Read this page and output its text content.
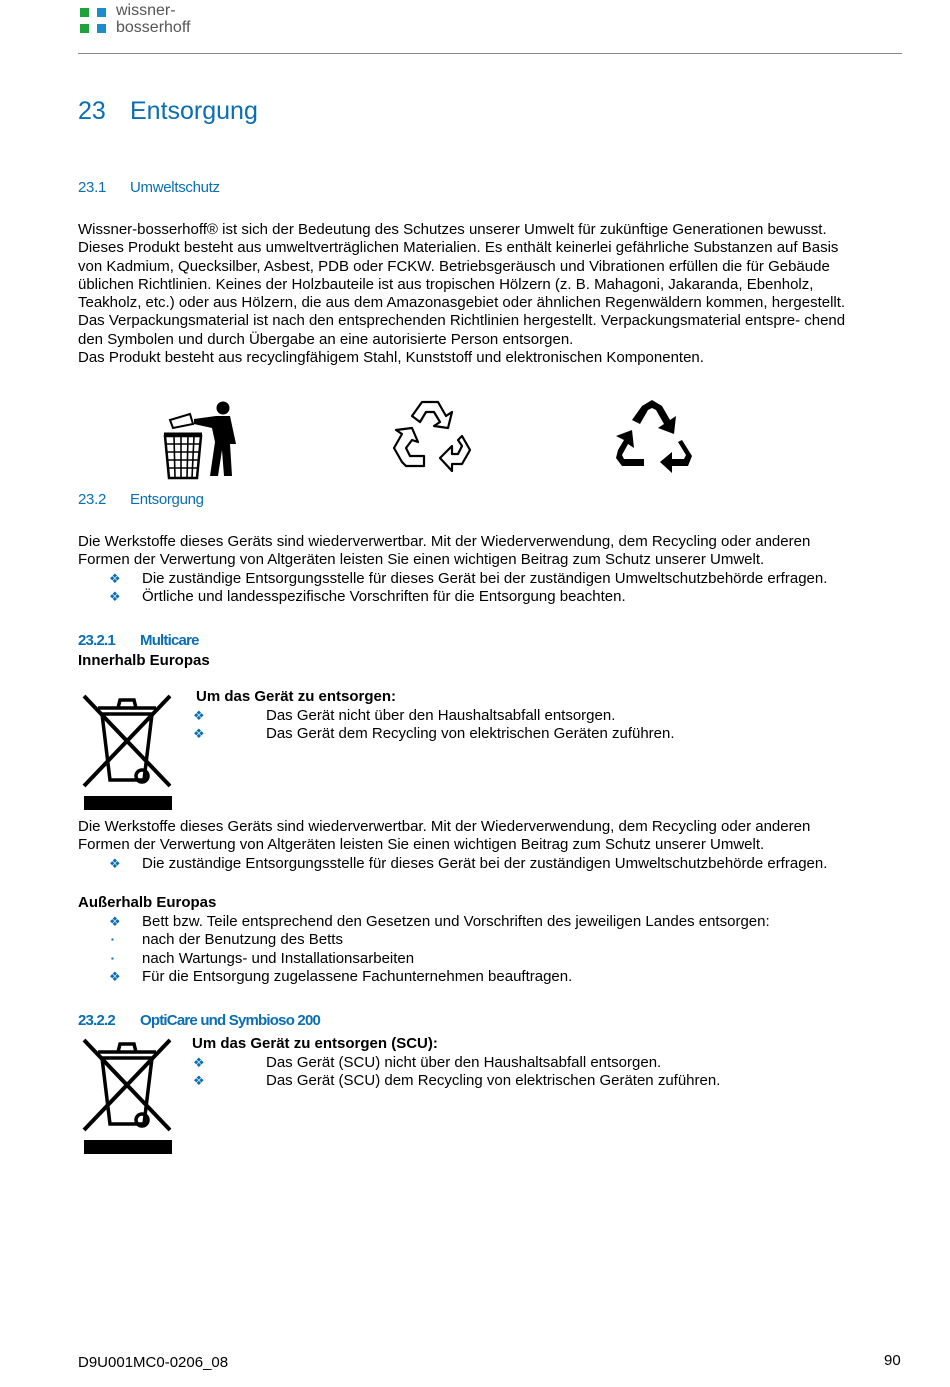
wissner-
bosserhoff
23 Entsorgung
23.1 Umweltschutz
Wissner-bosserhoff® ist sich der Bedeutung des Schutzes unserer Umwelt für zukünftige Generationen bewusst.
Dieses Produkt besteht aus umweltverträglichen Materialien. Es enthält keinerlei gefährliche Substanzen auf Basis
von Kadmium, Quecksilber, Asbest, PDB oder FCKW. Betriebsgeräusch und Vibrationen erfüllen die für Gebäude
üblichen Richtlinien. Keines der Holzbauteile ist aus tropischen Hölzern (z. B. Mahagoni, Jakaranda, Ebenholz,
Teakholz, etc.) oder aus Hölzern, die aus dem Amazonasgebiet oder ähnlichen Regenwäldern kommen, hergestellt.
Das Verpackungsmaterial ist nach den entsprechenden Richtlinien hergestellt. Verpackungsmaterial entspre- chend
den Symbolen und durch Übergabe an eine autorisierte Person entsorgen.
Das Produkt besteht aus recyclingfähigem Stahl, Kunststoff und elektronischen Komponenten.
23.2 Entsorgung
Die Werkstoffe dieses Geräts sind wiederverwertbar. Mit der Wiederverwendung, dem Recycling oder anderen
Formen der Verwertung von Altgeräten leisten Sie einen wichtigen Beitrag zum Schutz unserer Umwelt.
❖ Die zuständige Entsorgungsstelle für dieses Gerät bei der zuständigen Umweltschutzbehörde erfragen.
❖ Örtliche und landesspezifische Vorschriften für die Entsorgung beachten.
23.2.1 Multicare
Innerhalb Europas
Um das Gerät zu entsorgen:
❖	Das Gerät nicht über den Haushaltsabfall entsorgen.
❖	Das Gerät dem Recycling von elektrischen Geräten zuführen.
Die Werkstoffe dieses Geräts sind wiederverwertbar. Mit der Wiederverwendung, dem Recycling oder anderen
Formen der Verwertung von Altgeräten leisten Sie einen wichtigen Beitrag zum Schutz unserer Umwelt.
❖ Die zuständige Entsorgungsstelle für dieses Gerät bei der zuständigen Umweltschutzbehörde erfragen.
Außerhalb Europas
❖ Bett bzw. Teile entsprechend den Gesetzen und Vorschriften des jeweiligen Landes entsorgen:
▪ nach der Benutzung des Betts
▪ nach Wartungs- und Installationsarbeiten
❖ Für die Entsorgung zugelassene Fachunternehmen beauftragen.
23.2.2 OptiCare und Symbioso 200
Um das Gerät zu entsorgen (SCU):
❖	Das Gerät (SCU) nicht über den Haushaltsabfall entsorgen.
❖	Das Gerät (SCU) dem Recycling von elektrischen Geräten zuführen.
D9U001MC0-0206_08	90
